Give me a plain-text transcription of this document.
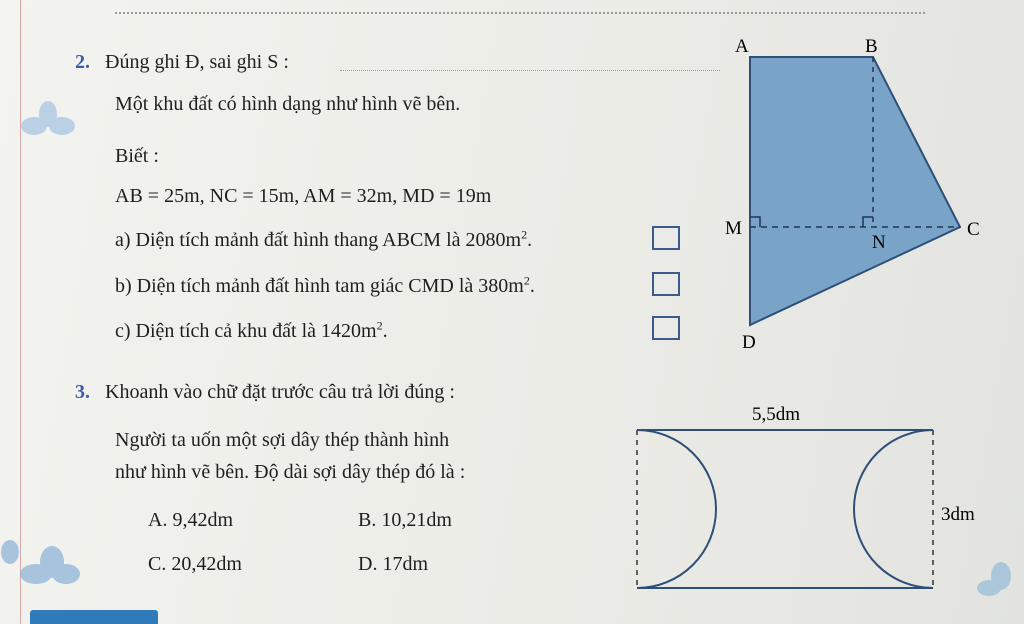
2. Đúng ghi Đ, sai ghi S :
Một khu đất có hình dạng như hình vẽ bên.
Biết :
AB = 25m, NC = 15m, AM = 32m, MD = 19m
a) Diện tích mảnh đất hình thang ABCM là $2080m^2$.
b) Diện tích mảnh đất hình tam giác CMD là $380m^2$.
c) Diện tích cả khu đất là $1420m^2$.
A	B
C
D
M
N
3. Khoanh vào chữ đặt trước câu trả lời đúng :
Người ta uốn một sợi dây thép thành hình
như hình vẽ bên. Độ dài sợi dây thép đó là :
A. 9,42dm	B. 10,21dm
C. 20,42dm	D. 17dm
5,5dm
3dm
